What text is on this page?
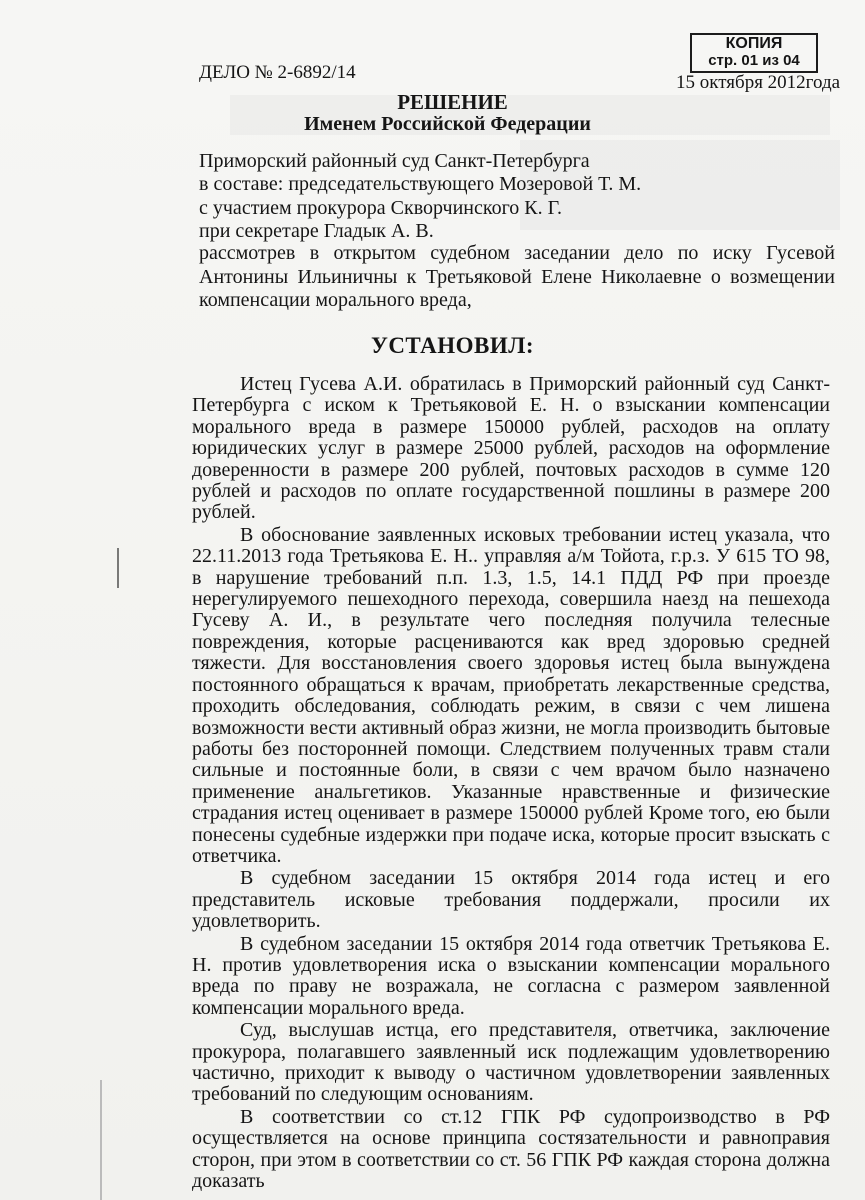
КОПИЯ
стр. 01 из 04
ДЕЛО № 2-6892/14	15 октября 2012года
РЕШЕНИЕ
Именем Российской Федерации
Приморский районный суд Санкт-Петербурга
в составе: председательствующего Мозеровой Т. М.
с участием прокурора Скворчинского К. Г.
при секретаре Гладык А. В.
рассмотрев в открытом судебном заседании дело по иску Гусевой Антонины Ильиничны к Третьяковой Елене Николаевне о возмещении компенсации морального вреда,
УСТАНОВИЛ:

Истец Гусева А.И. обратилась в Приморский районный суд Санкт-Петербурга с иском к Третьяковой Е. Н. о взыскании компенсации морального вреда в размере 150000 рублей, расходов на оплату юридических услуг в размере 25000 рублей, расходов на оформление доверенности в размере 200 рублей, почтовых расходов в сумме 120 рублей и расходов по оплате государственной пошлины в размере 200 рублей.

В обоснование заявленных исковых требовании истец указала, что 22.11.2013 года Третьякова Е. Н.. управляя а/м Тойота, г.р.з. У 615 ТО 98, в нарушение требований п.п. 1.3, 1.5, 14.1 ПДД РФ при проезде нерегулируемого пешеходного перехода, совершила наезд на пешехода Гусеву А. И., в результате чего последняя получила телесные повреждения, которые расцениваются как вред здоровью средней тяжести. Для восстановления своего здоровья истец была вынуждена постоянного обращаться к врачам, приобретать лекарственные средства, проходить обследования, соблюдать режим, в связи с чем лишена возможности вести активный образ жизни, не могла производить бытовые работы без посторонней помощи. Следствием полученных травм стали сильные и постоянные боли, в связи с чем врачом было назначено применение анальгетиков. Указанные нравственные и физические страдания истец оценивает в размере 150000 рублей Кроме того, ею были понесены судебные издержки при подаче иска, которые просит взыскать с ответчика.

В судебном заседании 15 октября 2014 года истец и его представитель исковые требования поддержали, просили их удовлетворить.

В судебном заседании 15 октября 2014 года ответчик Третьякова Е. Н. против удовлетворения иска о взыскании компенсации морального вреда по праву не возражала, не согласна с размером заявленной компенсации морального вреда.

Суд, выслушав истца, его представителя, ответчика, заключение прокурора, полагавшего заявленный иск подлежащим удовлетворению частично, приходит к выводу о частичном удовлетворении заявленных требований по следующим основаниям.

В соответствии со ст.12 ГПК РФ судопроизводство в РФ осуществляется на основе принципа состязательности и равноправия сторон, при этом в соответствии со ст. 56 ГПК РФ каждая сторона должна доказать
